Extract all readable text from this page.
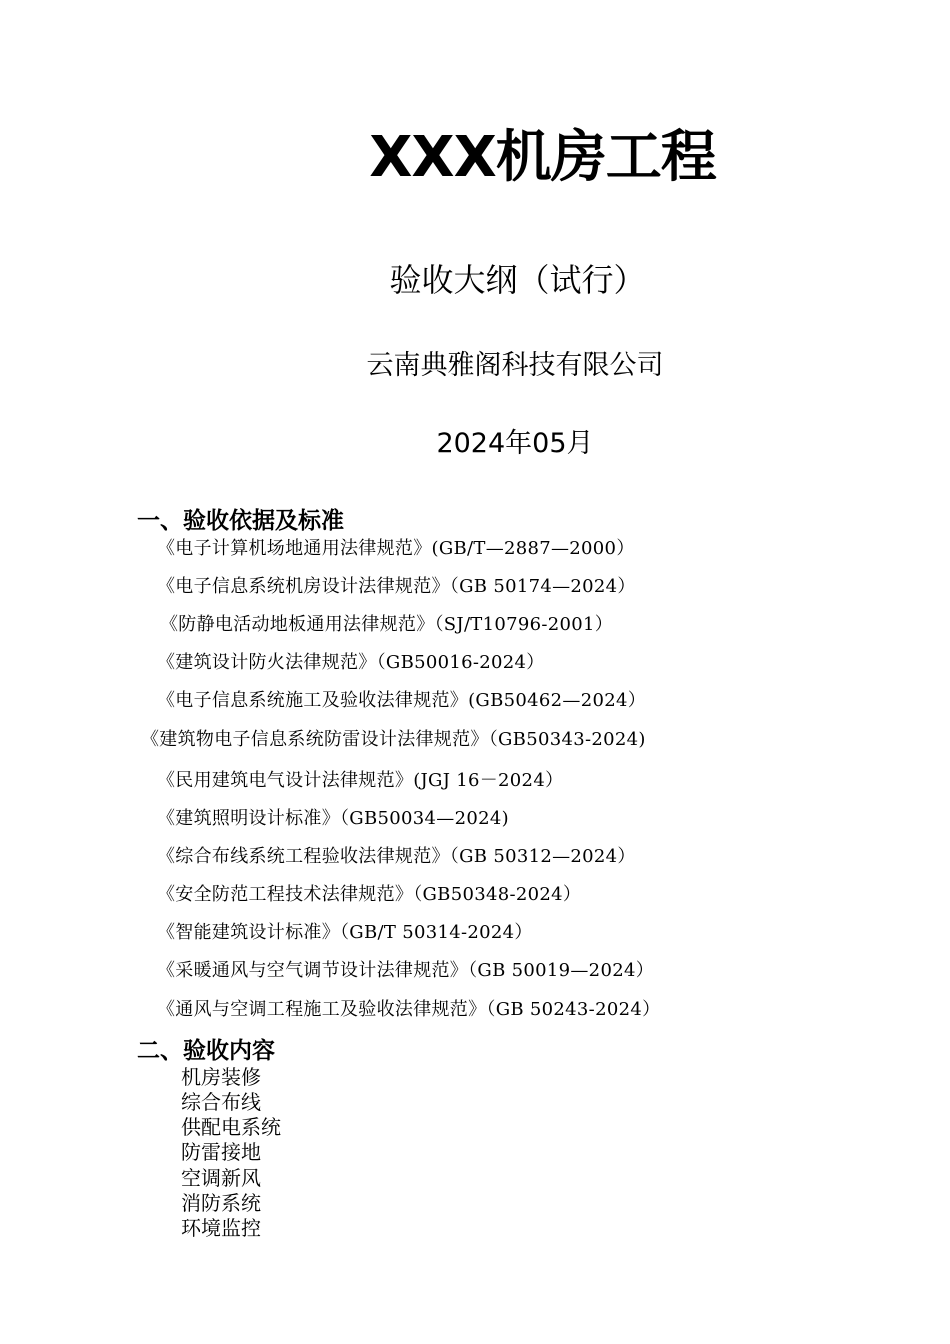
XXX机房工程
验收大纲（试行）
云南典雅阁科技有限公司
2024年05月
一、验收依据及标准
《电子计算机场地通用法律规范》(GB/T—2887—2000）
《电子信息系统机房设计法律规范》（GB 50174—2024）
《防静电活动地板通用法律规范》（SJ/T10796-2001）
《建筑设计防火法律规范》（GB50016-2024）
《电子信息系统施工及验收法律规范》(GB50462—2024）
《建筑物电子信息系统防雷设计法律规范》（GB50343-2024)
《民用建筑电气设计法律规范》(JGJ 16－2024）
《建筑照明设计标准》（GB50034—2024)
《综合布线系统工程验收法律规范》（GB 50312—2024）
《安全防范工程技术法律规范》（GB50348-2024）
《智能建筑设计标准》（GB/T 50314-2024）
《采暖通风与空气调节设计法律规范》（GB 50019—2024）
《通风与空调工程施工及验收法律规范》（GB 50243-2024）
二、验收内容
机房装修
综合布线
供配电系统
防雷接地
空调新风
消防系统
环境监控
